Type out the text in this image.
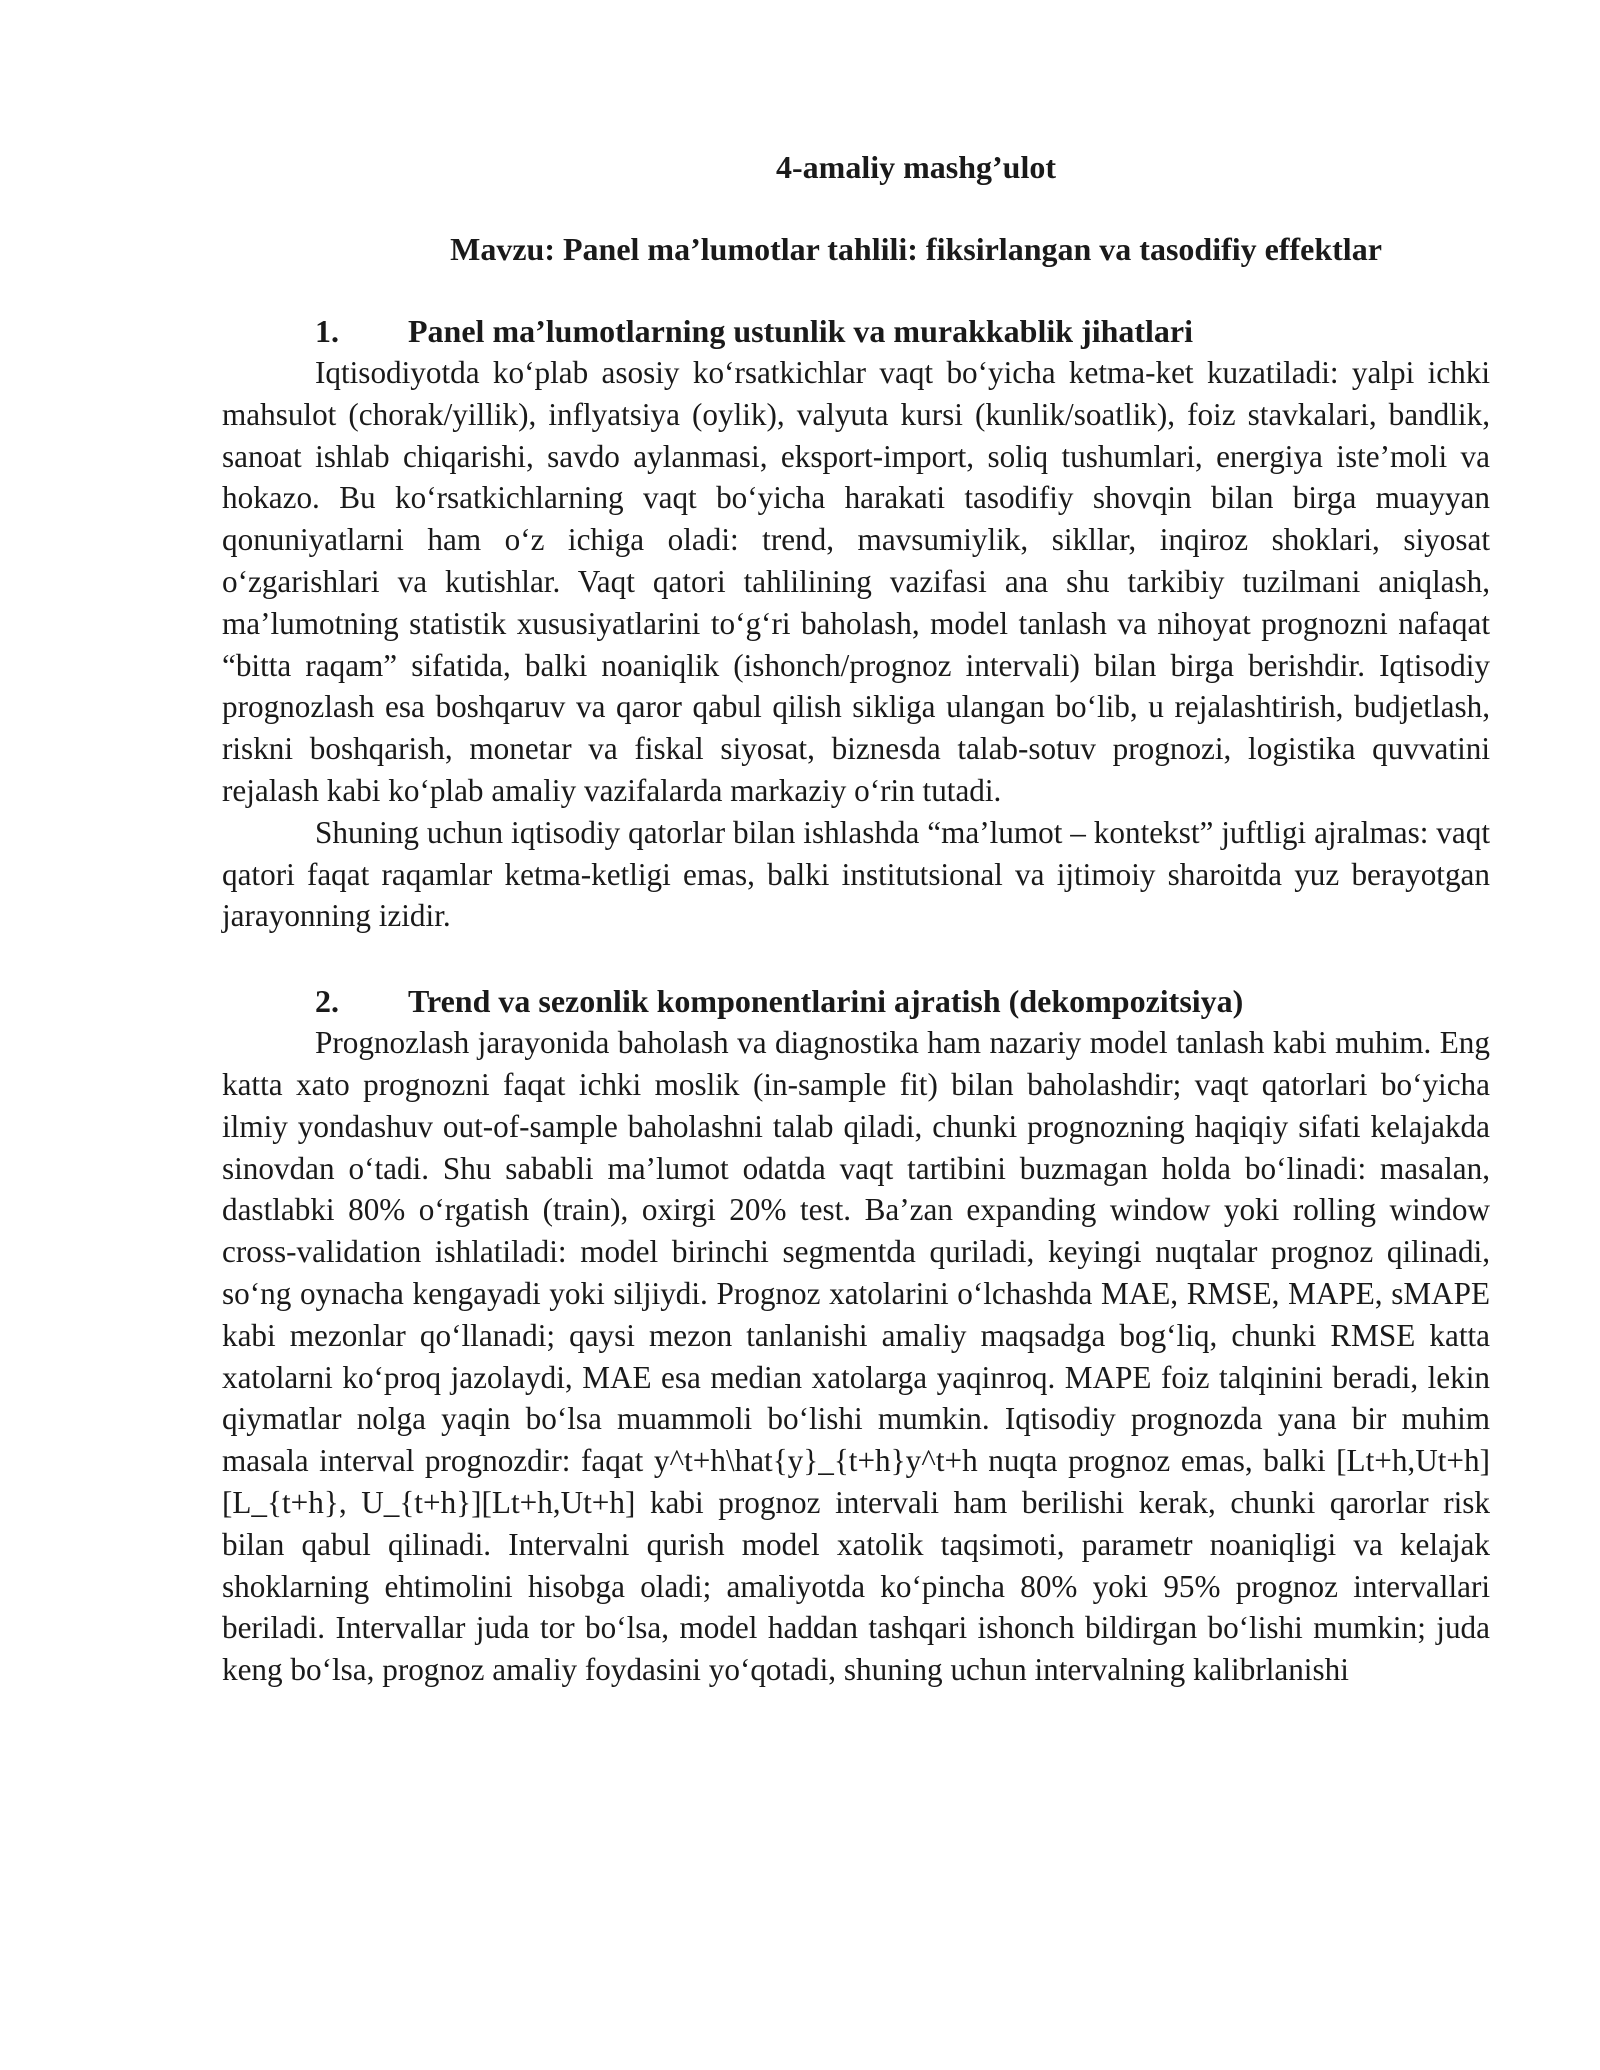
4-amaliy mashg’ulot
Mavzu: Panel ma’lumotlar tahlili: fiksirlangan va tasodifiy effektlar
1.	Panel ma’lumotlarning ustunlik va murakkablik jihatlari

Iqtisodiyotda ko‘plab asosiy ko‘rsatkichlar vaqt bo‘yicha ketma-ket kuzatiladi: yalpi ichki mahsulot (chorak/yillik), inflyatsiya (oylik), valyuta kursi (kunlik/soatlik), foiz stavkalari, bandlik, sanoat ishlab chiqarishi, savdo aylanmasi, eksport-import, soliq tushumlari, energiya iste’moli va hokazo. Bu ko‘rsatkichlarning vaqt bo‘yicha harakati tasodifiy shovqin bilan birga muayyan qonuniyatlarni ham o‘z ichiga oladi: trend, mavsumiylik, sikllar, inqiroz shoklari, siyosat o‘zgarishlari va kutishlar. Vaqt qatori tahlilining vazifasi ana shu tarkibiy tuzilmani aniqlash, ma’lumotning statistik xususiyatlarini to‘g‘ri baholash, model tanlash va nihoyat prognozni nafaqat “bitta raqam” sifatida, balki noaniqlik (ishonch/prognoz intervali) bilan birga berishdir. Iqtisodiy prognozlash esa boshqaruv va qaror qabul qilish sikliga ulangan bo‘lib, u rejalashtirish, budjetlash, riskni boshqarish, monetar va fiskal siyosat, biznesda talab-sotuv prognozi, logistika quvvatini rejalash kabi ko‘plab amaliy vazifalarda markaziy o‘rin tutadi.

Shuning uchun iqtisodiy qatorlar bilan ishlashda “ma’lumot – kontekst” juftligi ajralmas: vaqt qatori faqat raqamlar ketma-ketligi emas, balki institutsional va ijtimoiy sharoitda yuz berayotgan jarayonning izidir.

2.	Trend va sezonlik komponentlarini ajratish (dekompozitsiya)

Prognozlash jarayonida baholash va diagnostika ham nazariy model tanlash kabi muhim. Eng katta xato prognozni faqat ichki moslik (in-sample fit) bilan baholashdir; vaqt qatorlari bo‘yicha ilmiy yondashuv out-of-sample baholashni talab qiladi, chunki prognozning haqiqiy sifati kelajakda sinovdan o‘tadi. Shu sababli ma’lumot odatda vaqt tartibini buzmagan holda bo‘linadi: masalan, dastlabki 80% o‘rgatish (train), oxirgi 20% test. Ba’zan expanding window yoki rolling window cross-validation ishlatiladi: model birinchi segmentda quriladi, keyingi nuqtalar prognoz qilinadi, so‘ng oynacha kengayadi yoki siljiydi. Prognoz xatolarini o‘lchashda MAE, RMSE, MAPE, sMAPE kabi mezonlar qo‘llanadi; qaysi mezon tanlanishi amaliy maqsadga bog‘liq, chunki RMSE katta xatolarni ko‘proq jazolaydi, MAE esa median xatolarga yaqinroq. MAPE foiz talqinini beradi, lekin qiymatlar nolga yaqin bo‘lsa muammoli bo‘lishi mumkin. Iqtisodiy prognozda yana bir muhim masala interval prognozdir: faqat y^t+h\hat{y}_{t+h}y^t+h nuqta prognoz emas, balki [Lt+h,Ut+h][L_{t+h}, U_{t+h}][Lt+h,Ut+h] kabi prognoz intervali ham berilishi kerak, chunki qarorlar risk bilan qabul qilinadi. Intervalni qurish model xatolik taqsimoti, parametr noaniqligi va kelajak shoklarning ehtimolini hisobga oladi; amaliyotda ko‘pincha 80% yoki 95% prognoz intervallari beriladi. Intervallar juda tor bo‘lsa, model haddan tashqari ishonch bildirgan bo‘lishi mumkin; juda keng bo‘lsa, prognoz amaliy foydasini yo‘qotadi, shuning uchun intervalning kalibrlanishi
